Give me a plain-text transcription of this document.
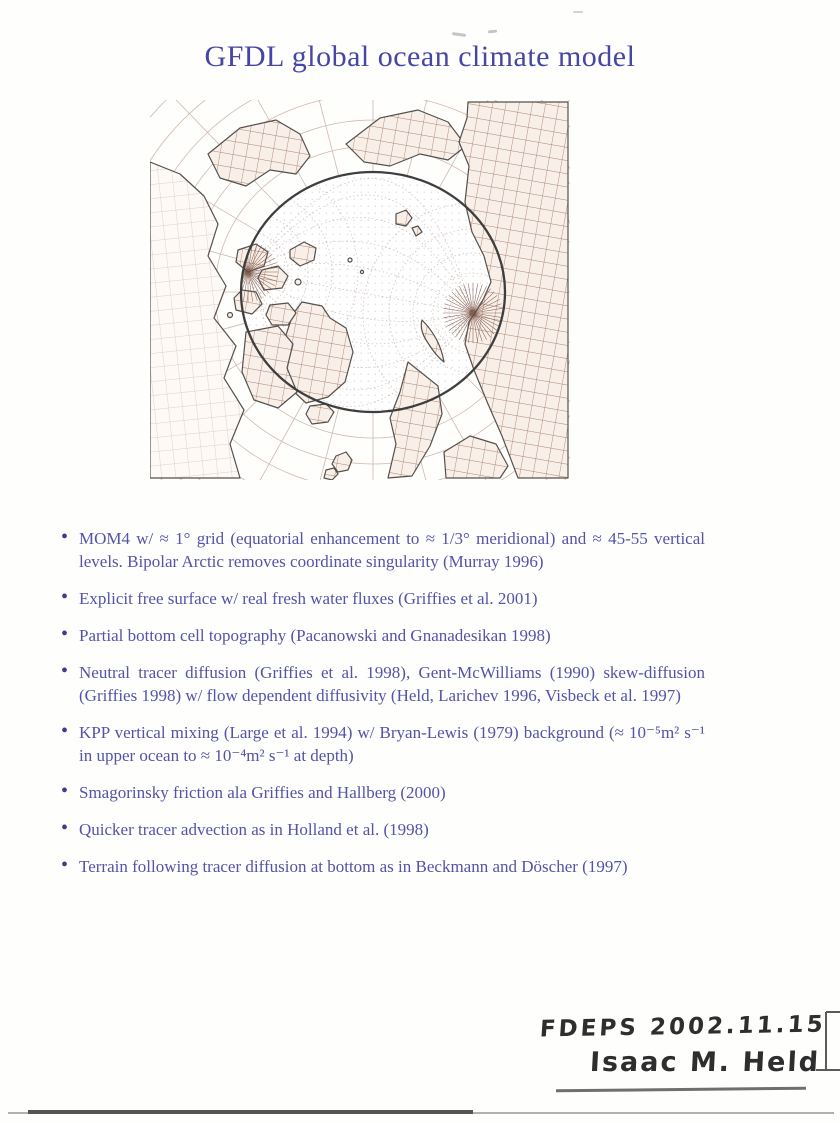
GFDL global ocean climate model
• MOM4 w/ ≈ 1° grid (equatorial enhancement to ≈ 1/3° meridional) and ≈ 45-55 vertical levels. Bipolar Arctic removes coordinate singularity (Murray 1996)
• Explicit free surface w/ real fresh water fluxes (Griffies et al. 2001)
• Partial bottom cell topography (Pacanowski and Gnanadesikan 1998)
• Neutral tracer diffusion (Griffies et al. 1998), Gent-McWilliams (1990) skew-diffusion (Griffies 1998) w/ flow dependent diffusivity (Held, Larichev 1996, Visbeck et al. 1997)
• KPP vertical mixing (Large et al. 1994) w/ Bryan-Lewis (1979) background (≈ 10⁻⁵m² s⁻¹ in upper ocean to ≈ 10⁻⁴m² s⁻¹ at depth)
• Smagorinsky friction ala Griffies and Hallberg (2000)
• Quicker tracer advection as in Holland et al. (1998)
• Terrain following tracer diffusion at bottom as in Beckmann and Döscher (1997)
FDEPS 2002.11.15
Isaac M. Held
